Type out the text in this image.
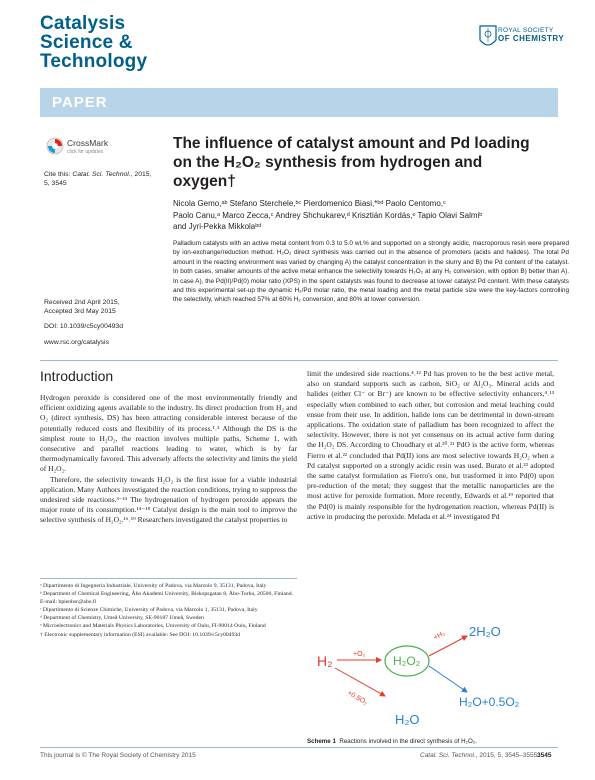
Catalysis
Science &
Technology
ROYAL SOCIETY
OF CHEMISTRY
PAPER
CrossMark
click for updates
Cite this: Catal. Sci. Technol., 2015,
5, 3545
Received 2nd April 2015,
Accepted 3rd May 2015
DOI: 10.1039/c5cy00493d
www.rsc.org/catalysis
The influence of catalyst amount and Pd loading
on the H₂O₂ synthesis from hydrogen and
oxygen†
Nicola Gemo,ᵃᵇ Stefano Sterchele,ᵇᶜ Pierdomenico Biasi,*ᵇᵈ Paolo Centomo,ᶜ
Paolo Canu,ᵃ Marco Zecca,ᶜ Andrey Shchukarev,ᵈ Krisztián Kordás,ᵉ Tapio Olavi Salmiᵇ
and Jyri-Pekka Mikkolaᵇᵈ
Palladium catalysts with an active metal content from 0.3 to 5.0 wt.% and supported on a strongly acidic, macroporous resin were prepared by ion-exchange/reduction method. H₂O₂ direct synthesis was carried out in the absence of promoters (acids and halides). The total Pd amount in the reacting environment was varied by changing A) the catalyst concentration in the slurry and B) the Pd content of the catalyst. In both cases, smaller amounts of the active metal enhance the selectivity towards H₂O₂ at any H₂ conversion, with option B) better than A). In case A), the Pd(II)/Pd(0) molar ratio (XPS) in the spent catalysts was found to decrease at lower catalyst Pd content. With these catalysts and this experimental set-up the dynamic H₂/Pd molar ratio, the metal loading and the metal particle size were the key-factors controlling the selectivity, which reached 57% at 60% H₂ conversion, and 80% at lower conversion.
Introduction
Hydrogen peroxide is considered one of the most environmentally friendly and efficient oxidizing agents available to the industry. Its direct production from H₂ and O₂ (direct synthesis, DS) has been attracting considerable interest because of the potentially reduced costs and flexibility of its process.¹˒² Although the DS is the simplest route to H₂O₂, the reaction involves multiple paths, Scheme 1, with consecutive and parallel reactions leading to water, which is by far thermodynamically favored. This adversely affects the selectivity and limits the yield of H₂O₂.
Therefore, the selectivity towards H₂O₂ is the first issue for a viable industrial application. Many Authors investigated the reaction conditions, trying to suppress the undesired side reactions.³⁻¹³ The hydrogenation of hydrogen peroxide appears the major route of its consumption.¹⁴⁻¹⁸ Catalyst design is the main tool to improve the selective synthesis of H₂O₂.¹⁶˒¹⁹ Researchers investigated the catalyst properties to
limit the undesired side reactions.⁴˒¹² Pd has proven to be the best active metal, also on standard supports such as carbon, SiO₂ or Al₂O₃. Mineral acids and halides (either Cl⁻ or Br⁻) are known to be effective selectivity enhancers,⁴˒¹³ especially when combined to each other, but corrosion and metal leaching could ensue from their use. In addition, halide ions can be detrimental in down-stream applications. The oxidation state of palladium has been recognized to affect the selectivity. However, there is not yet consensus on its actual active form during the H₂O₂ DS. According to Choudhary et al.²⁰˒²¹ PdO is the active form, whereas Fierro et al.²² concluded that Pd(II) ions are most selective towards H₂O₂ when a Pd catalyst supported on a strongly acidic resin was used. Burato et al.²³ adopted the same catalyst formulation as Fierro's one, but trasformed it into Pd(0) upon pre-reduction of the metal; they suggest that the metallic nanoparticles are the most active for peroxide formation. More recently, Edwards et al.¹⁹ reported that the Pd(0) is mainly responsible for the hydrogenation reaction, whereas Pd(II) is active in producing the peroxide. Melada et al.²⁴ investigated Pd
ᵃ Dipartimento di Ingegneria Industriale, University of Padova, via Marzolo 9, 35131, Padova, Italy
ᵇ Department of Chemical Engineering, Åbo Akademi University, Biskopsgatan 8, Åbo-Turku, 20500, Finland. E-mail: bpienbsr@abo.fi
ᶜ Dipartimento di Scienze Chimiche, University of Padova, via Marzolo 1, 35131, Padova, Italy
ᵈ Department of Chemistry, Umeå University, SE-90187 Umeå, Sweden
ᵉ Microelectronics and Materials Physics Laboratories, University of Oulu, FI-90014 Oulu, Finland
† Electronic supplementary information (ESI) available: See DOI: 10.1039/c5cy00493d
H₂	H₂O₂
2H₂O
H₂O
H₂O+0.5O₂
+O₂
+0.5O₂
+H₂
Scheme 1 Reactions involved in the direct synthesis of H₂O₂.
This journal is © The Royal Society of Chemistry 2015	Catal. Sci. Technol., 2015, 5, 3545–3555 3545
